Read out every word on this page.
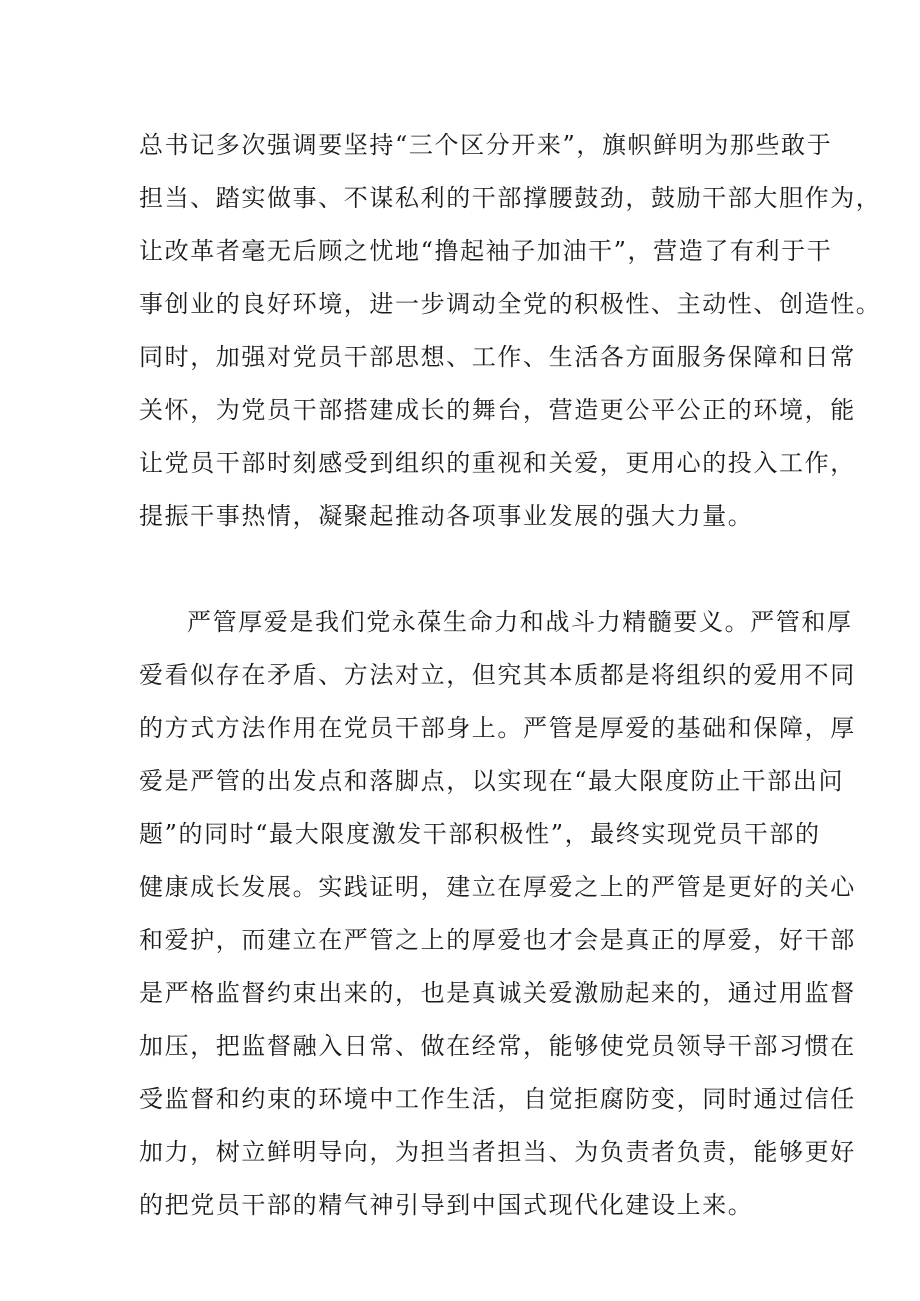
总书记多次强调要坚持“三个区分开来”，旗帜鲜明为那些敢于
担当、踏实做事、不谋私利的干部撑腰鼓劲，鼓励干部大胆作为，
让改革者毫无后顾之忧地“撸起袖子加油干”，营造了有利于干
事创业的良好环境，进一步调动全党的积极性、主动性、创造性。
同时，加强对党员干部思想、工作、生活各方面服务保障和日常
关怀，为党员干部搭建成长的舞台，营造更公平公正的环境，能
让党员干部时刻感受到组织的重视和关爱，更用心的投入工作，
提振干事热情，凝聚起推动各项事业发展的强大力量。
严管厚爱是我们党永葆生命力和战斗力精髓要义。严管和厚
爱看似存在矛盾、方法对立，但究其本质都是将组织的爱用不同
的方式方法作用在党员干部身上。严管是厚爱的基础和保障，厚
爱是严管的出发点和落脚点，以实现在“最大限度防止干部出问
题”的同时“最大限度激发干部积极性”，最终实现党员干部的
健康成长发展。实践证明，建立在厚爱之上的严管是更好的关心
和爱护，而建立在严管之上的厚爱也才会是真正的厚爱，好干部
是严格监督约束出来的，也是真诚关爱激励起来的，通过用监督
加压，把监督融入日常、做在经常，能够使党员领导干部习惯在
受监督和约束的环境中工作生活，自觉拒腐防变，同时通过信任
加力，树立鲜明导向，为担当者担当、为负责者负责，能够更好
的把党员干部的精气神引导到中国式现代化建设上来。
